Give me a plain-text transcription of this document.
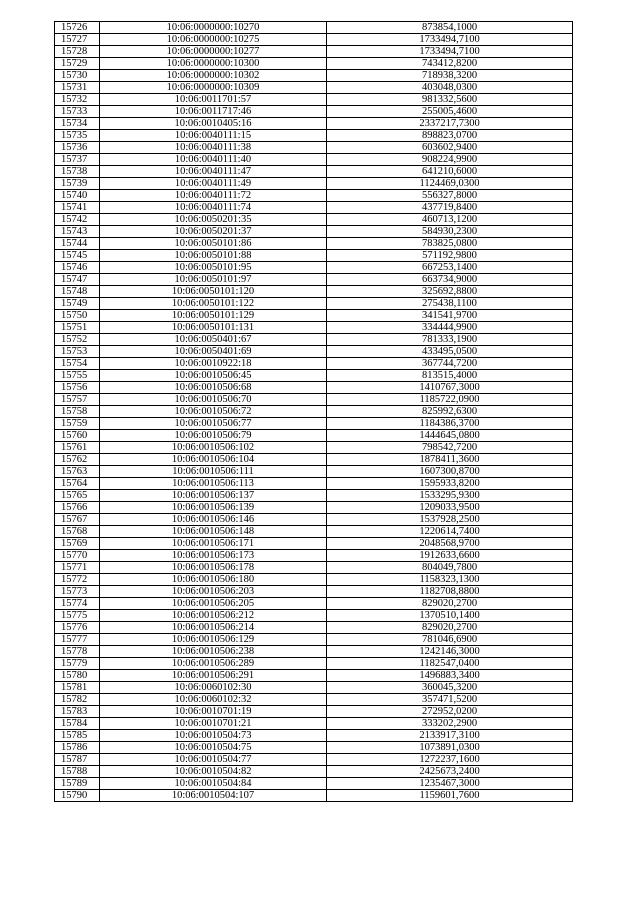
15726	10:06:0000000:10270	873854,1000
15727	10:06:0000000:10275	1733494,7100
15728	10:06:0000000:10277	1733494,7100
15729	10:06:0000000:10300	743412,8200
15730	10:06:0000000:10302	718938,3200
15731	10:06:0000000:10309	403048,0300
15732	10:06:0011701:57	981332,5600
15733	10:06:0011717:46	255005,4600
15734	10:06:0010405:16	2337217,7300
15735	10:06:0040111:15	898823,0700
15736	10:06:0040111:38	603602,9400
15737	10:06:0040111:40	908224,9900
15738	10:06:0040111:47	641210,6000
15739	10:06:0040111:49	1124469,0300
15740	10:06:0040111:72	556327,8000
15741	10:06:0040111:74	437719,8400
15742	10:06:0050201:35	460713,1200
15743	10:06:0050201:37	584930,2300
15744	10:06:0050101:86	783825,0800
15745	10:06:0050101:88	571192,9800
15746	10:06:0050101:95	667253,1400
15747	10:06:0050101:97	663734,9000
15748	10:06:0050101:120	325692,8800
15749	10:06:0050101:122	275438,1100
15750	10:06:0050101:129	341541,9700
15751	10:06:0050101:131	334444,9900
15752	10:06:0050401:67	781333,1900
15753	10:06:0050401:69	433495,0500
15754	10:06:0010922:18	367744,7200
15755	10:06:0010506:45	813515,4000
15756	10:06:0010506:68	1410767,3000
15757	10:06:0010506:70	1185722,0900
15758	10:06:0010506:72	825992,6300
15759	10:06:0010506:77	1184386,3700
15760	10:06:0010506:79	1444645,0800
15761	10:06:0010506:102	798542,7200
15762	10:06:0010506:104	1878411,3600
15763	10:06:0010506:111	1607300,8700
15764	10:06:0010506:113	1595933,8200
15765	10:06:0010506:137	1533295,9300
15766	10:06:0010506:139	1209033,9500
15767	10:06:0010506:146	1537928,2500
15768	10:06:0010506:148	1220614,7400
15769	10:06:0010506:171	2048568,9700
15770	10:06:0010506:173	1912633,6600
15771	10:06:0010506:178	804049,7800
15772	10:06:0010506:180	1158323,1300
15773	10:06:0010506:203	1182708,8800
15774	10:06:0010506:205	829020,2700
15775	10:06:0010506:212	1370510,1400
15776	10:06:0010506:214	829020,2700
15777	10:06:0010506:129	781046,6900
15778	10:06:0010506:238	1242146,3000
15779	10:06:0010506:289	1182547,0400
15780	10:06:0010506:291	1496883,3400
15781	10:06:0060102:30	360045,3200
15782	10:06:0060102:32	357471,5200
15783	10:06:0010701:19	272952,0200
15784	10:06:0010701:21	333202,2900
15785	10:06:0010504:73	2133917,3100
15786	10:06:0010504:75	1073891,0300
15787	10:06:0010504:77	1272237,1600
15788	10:06:0010504:82	2425673,2400
15789	10:06:0010504:84	1235467,3000
15790	10:06:0010504:107	1159601,7600
